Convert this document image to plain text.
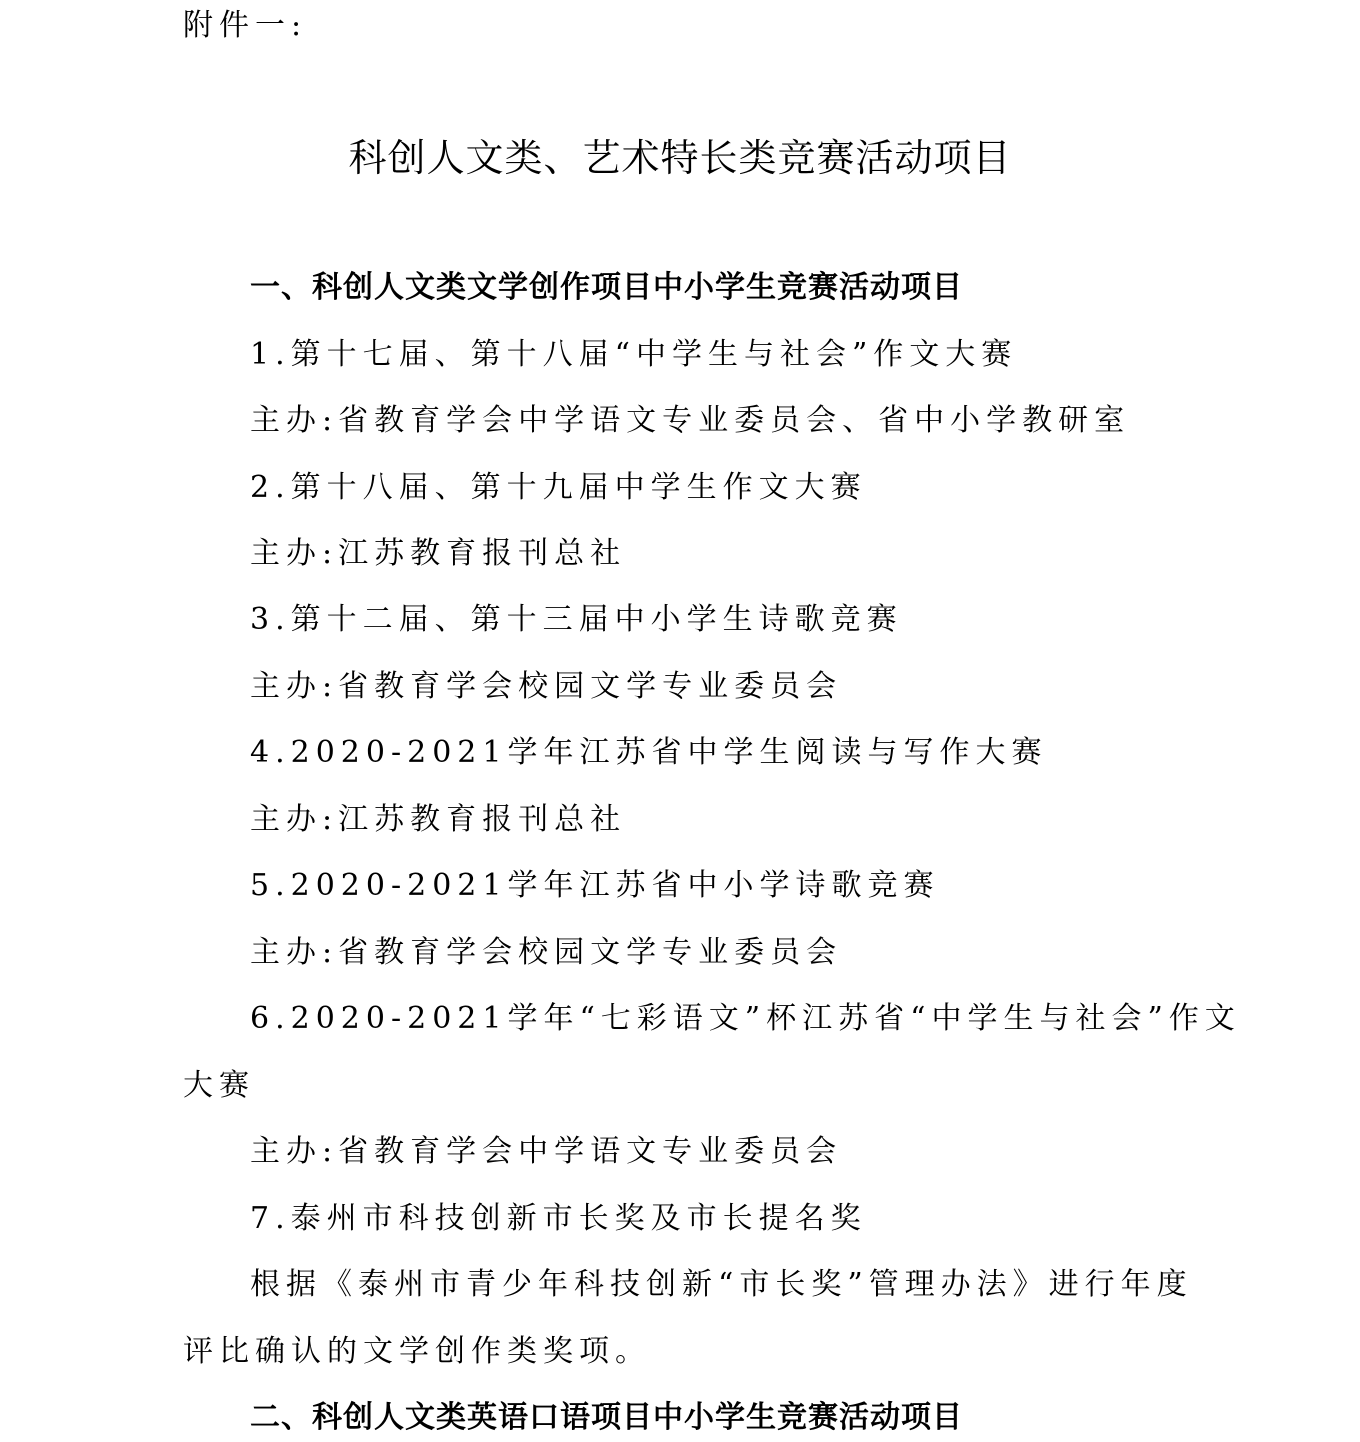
附件一:
科创人文类、艺术特长类竞赛活动项目
一、科创人文类文学创作项目中小学生竞赛活动项目
1.第十七届、第十八届“中学生与社会”作文大赛
主办:省教育学会中学语文专业委员会、省中小学教研室
2.第十八届、第十九届中学生作文大赛
主办:江苏教育报刊总社
3.第十二届、第十三届中小学生诗歌竞赛
主办:省教育学会校园文学专业委员会
4.2020-2021学年江苏省中学生阅读与写作大赛
主办:江苏教育报刊总社
5.2020-2021学年江苏省中小学诗歌竞赛
主办:省教育学会校园文学专业委员会
6.2020-2021学年“七彩语文”杯江苏省“中学生与社会”作文
大赛
主办:省教育学会中学语文专业委员会
7.泰州市科技创新市长奖及市长提名奖
根据《泰州市青少年科技创新“市长奖”管理办法》进行年度
评比确认的文学创作类奖项。
二、科创人文类英语口语项目中小学生竞赛活动项目
